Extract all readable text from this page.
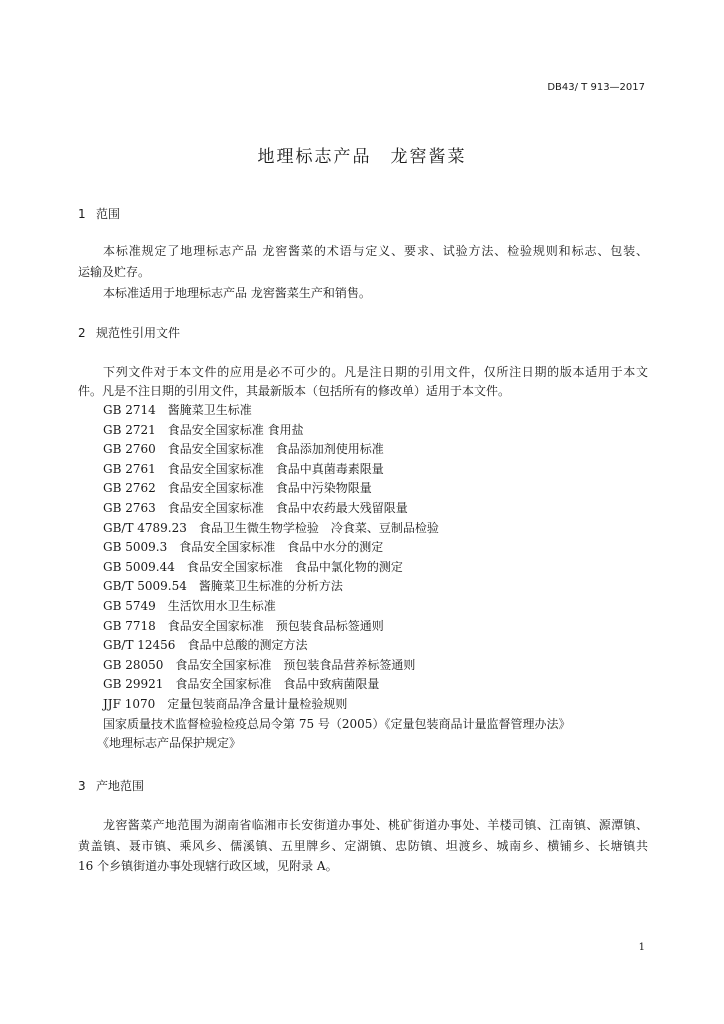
DB43/ T 913—2017
地理标志产品　龙窖酱菜
1 范围
本标准规定了地理标志产品 龙窖酱菜的术语与定义、要求、试验方法、检验规则和标志、包装、
运输及贮存。
本标准适用于地理标志产品 龙窖酱菜生产和销售。
2 规范性引用文件
下列文件对于本文件的应用是必不可少的。凡是注日期的引用文件，仅所注日期的版本适用于本文
件。凡是不注日期的引用文件，其最新版本（包括所有的修改单）适用于本文件。
GB 2714 酱腌菜卫生标准
GB 2721 食品安全国家标准 食用盐
GB 2760 食品安全国家标准　食品添加剂使用标准
GB 2761 食品安全国家标准　食品中真菌毒素限量
GB 2762 食品安全国家标准　食品中污染物限量
GB 2763 食品安全国家标准　食品中农药最大残留限量
GB/T 4789.23 食品卫生微生物学检验　冷食菜、豆制品检验
GB 5009.3 食品安全国家标准　食品中水分的测定
GB 5009.44 食品安全国家标准　食品中氯化物的测定
GB/T 5009.54 酱腌菜卫生标准的分析方法
GB 5749 生活饮用水卫生标准
GB 7718 食品安全国家标准　预包装食品标签通则
GB/T 12456 食品中总酸的测定方法
GB 28050 食品安全国家标准　预包装食品营养标签通则
GB 29921 食品安全国家标准　食品中致病菌限量
JJF 1070 定量包装商品净含量计量检验规则
国家质量技术监督检验检疫总局令第 75 号（2005）《定量包装商品计量监督管理办法》
《地理标志产品保护规定》
3 产地范围
龙窖酱菜产地范围为湖南省临湘市长安街道办事处、桃矿街道办事处、羊楼司镇、江南镇、源潭镇、
黄盖镇、聂市镇、乘风乡、儒溪镇、五里牌乡、定湖镇、忠防镇、坦渡乡、城南乡、横铺乡、长塘镇共
16 个乡镇街道办事处现辖行政区域，见附录 A。
1
